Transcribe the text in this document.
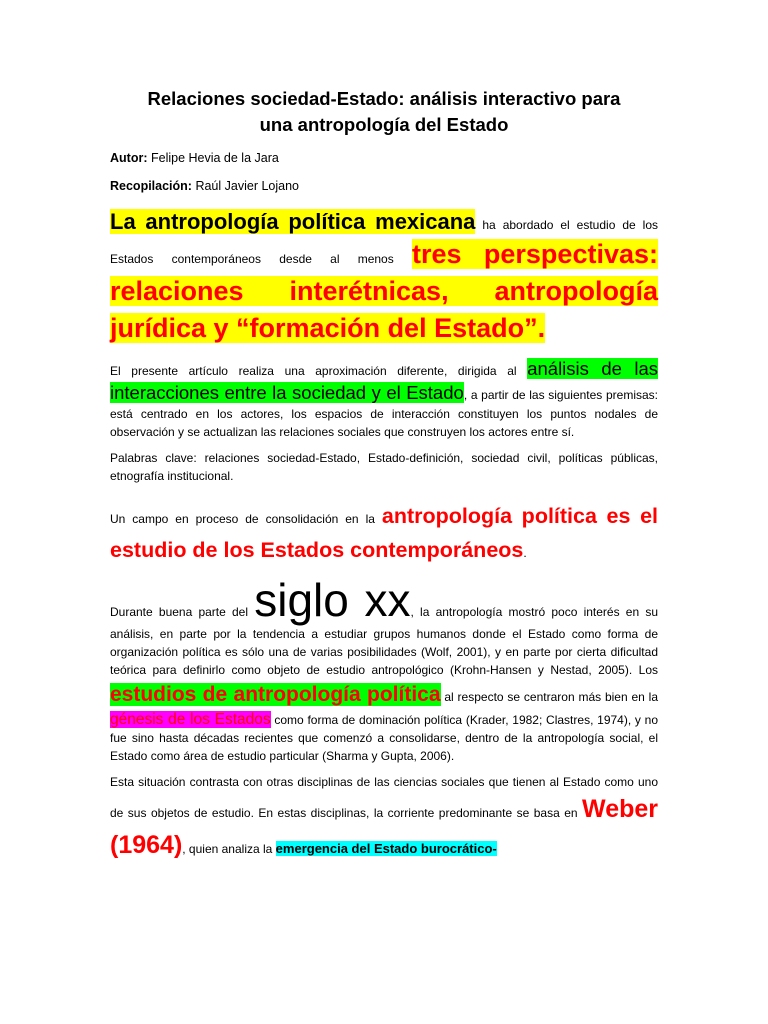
Relaciones sociedad-Estado: análisis interactivo para
una antropología del Estado
Autor: Felipe Hevia de la Jara
Recopilación: Raúl Javier Lojano

La antropología política mexicana ha abordado el estudio de los Estados contemporáneos desde al menos tres perspectivas: relaciones interétnicas, antropología jurídica y “formación del Estado”.

El presente artículo realiza una aproximación diferente, dirigida al análisis de las interacciones entre la sociedad y el Estado, a partir de las siguientes premisas: está centrado en los actores, los espacios de interacción constituyen los puntos nodales de observación y se actualizan las relaciones sociales que construyen los actores entre sí.

Palabras clave: relaciones sociedad-Estado, Estado-definición, sociedad civil, políticas públicas, etnografía institucional.

Un campo en proceso de consolidación en la antropología política es el estudio de los Estados contemporáneos.

Durante buena parte del siglo xx, la antropología mostró poco interés en su análisis, en parte por la tendencia a estudiar grupos humanos donde el Estado como forma de organización política es sólo una de varias posibilidades (Wolf, 2001), y en parte por cierta dificultad teórica para definirlo como objeto de estudio antropológico (Krohn-Hansen y Nestad, 2005). Los estudios de antropología política al respecto se centraron más bien en la génesis de los Estados como forma de dominación política (Krader, 1982; Clastres, 1974), y no fue sino hasta décadas recientes que comenzó a consolidarse, dentro de la antropología social, el Estado como área de estudio particular (Sharma y Gupta, 2006).

Esta situación contrasta con otras disciplinas de las ciencias sociales que tienen al Estado como uno de sus objetos de estudio. En estas disciplinas, la corriente predominante se basa en Weber (1964), quien analiza la emergencia del Estado burocrático-
